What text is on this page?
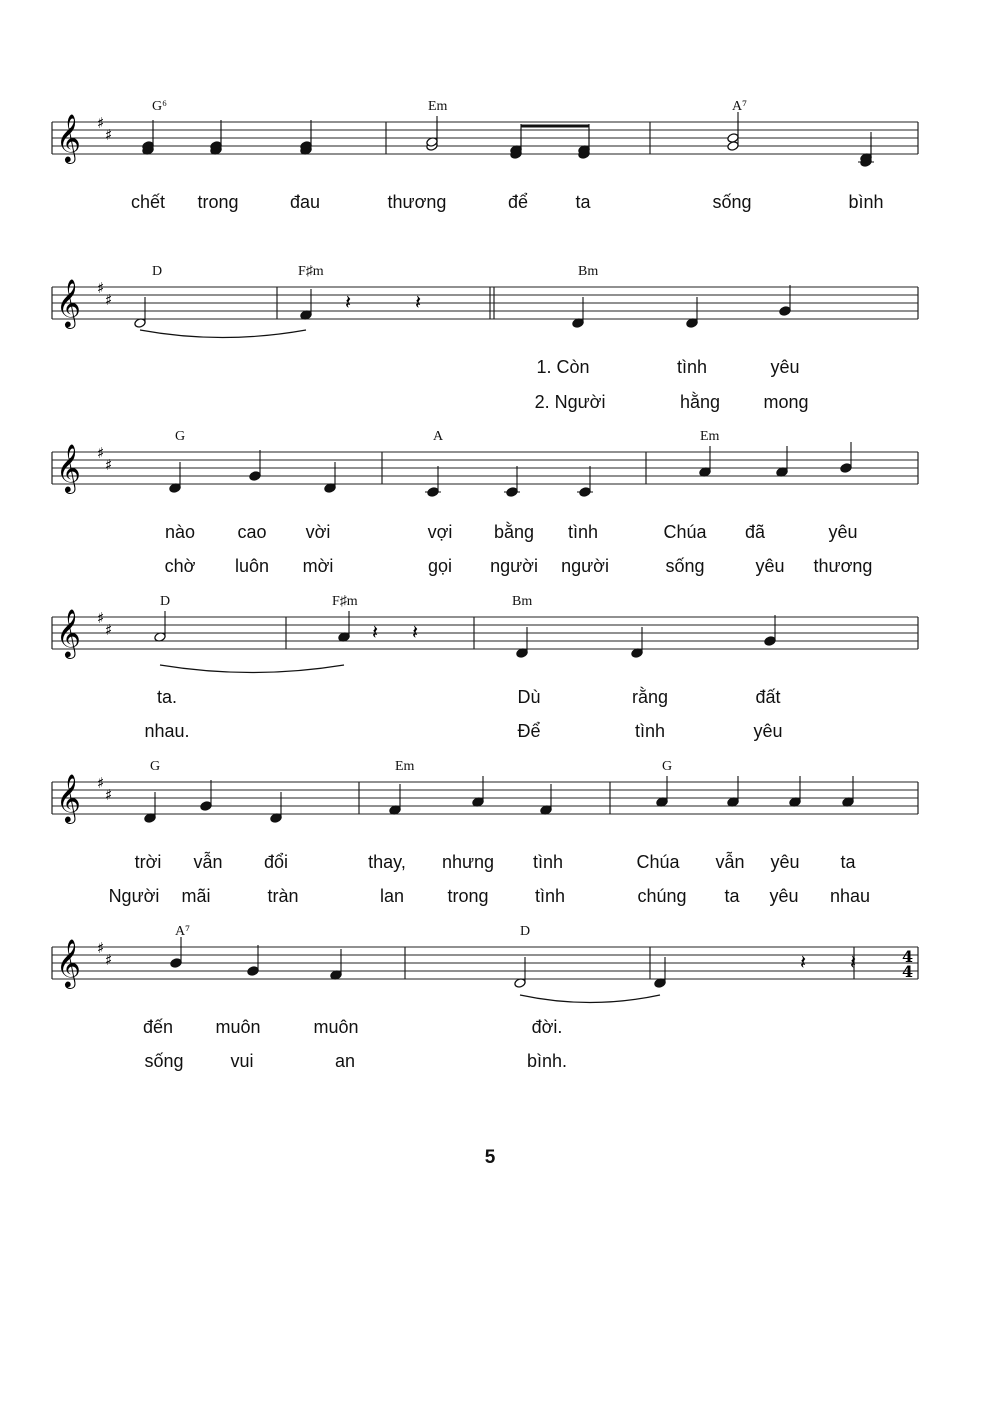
𝄞 ♯
♯
G⁶	Em	A⁷
chết trong	đau	thương	để	ta	sống	bình
𝄞 ♯
♯	𝄽	𝄽
D	F♯m	Bm
1. Còn	tình	yêu
2. Người	hằng mong
𝄞 ♯
♯
G	A	Em
nào cao vời	vợi bằng tình	Chúa đã	yêu
chờ luôn mời	gọi người người	sống	yêu thương
𝄞 ♯
♯	𝄽 𝄽
D	F♯m	Bm
ta.	Dù	rằng	đất
nhau.	Để	tình	yêu
𝄞 ♯
♯
G	Em	G
trời vẫn đổi	thay, nhưng tình	Chúa vẫn yêu ta
Người mãi	tràn	lan trong	tình	chúng ta yêu nhau
𝄞 ♯
♯	𝄽 𝄽
A⁷	D
4
4
đến muôn	muôn	đời.
sống	vui	an	bình.
5
